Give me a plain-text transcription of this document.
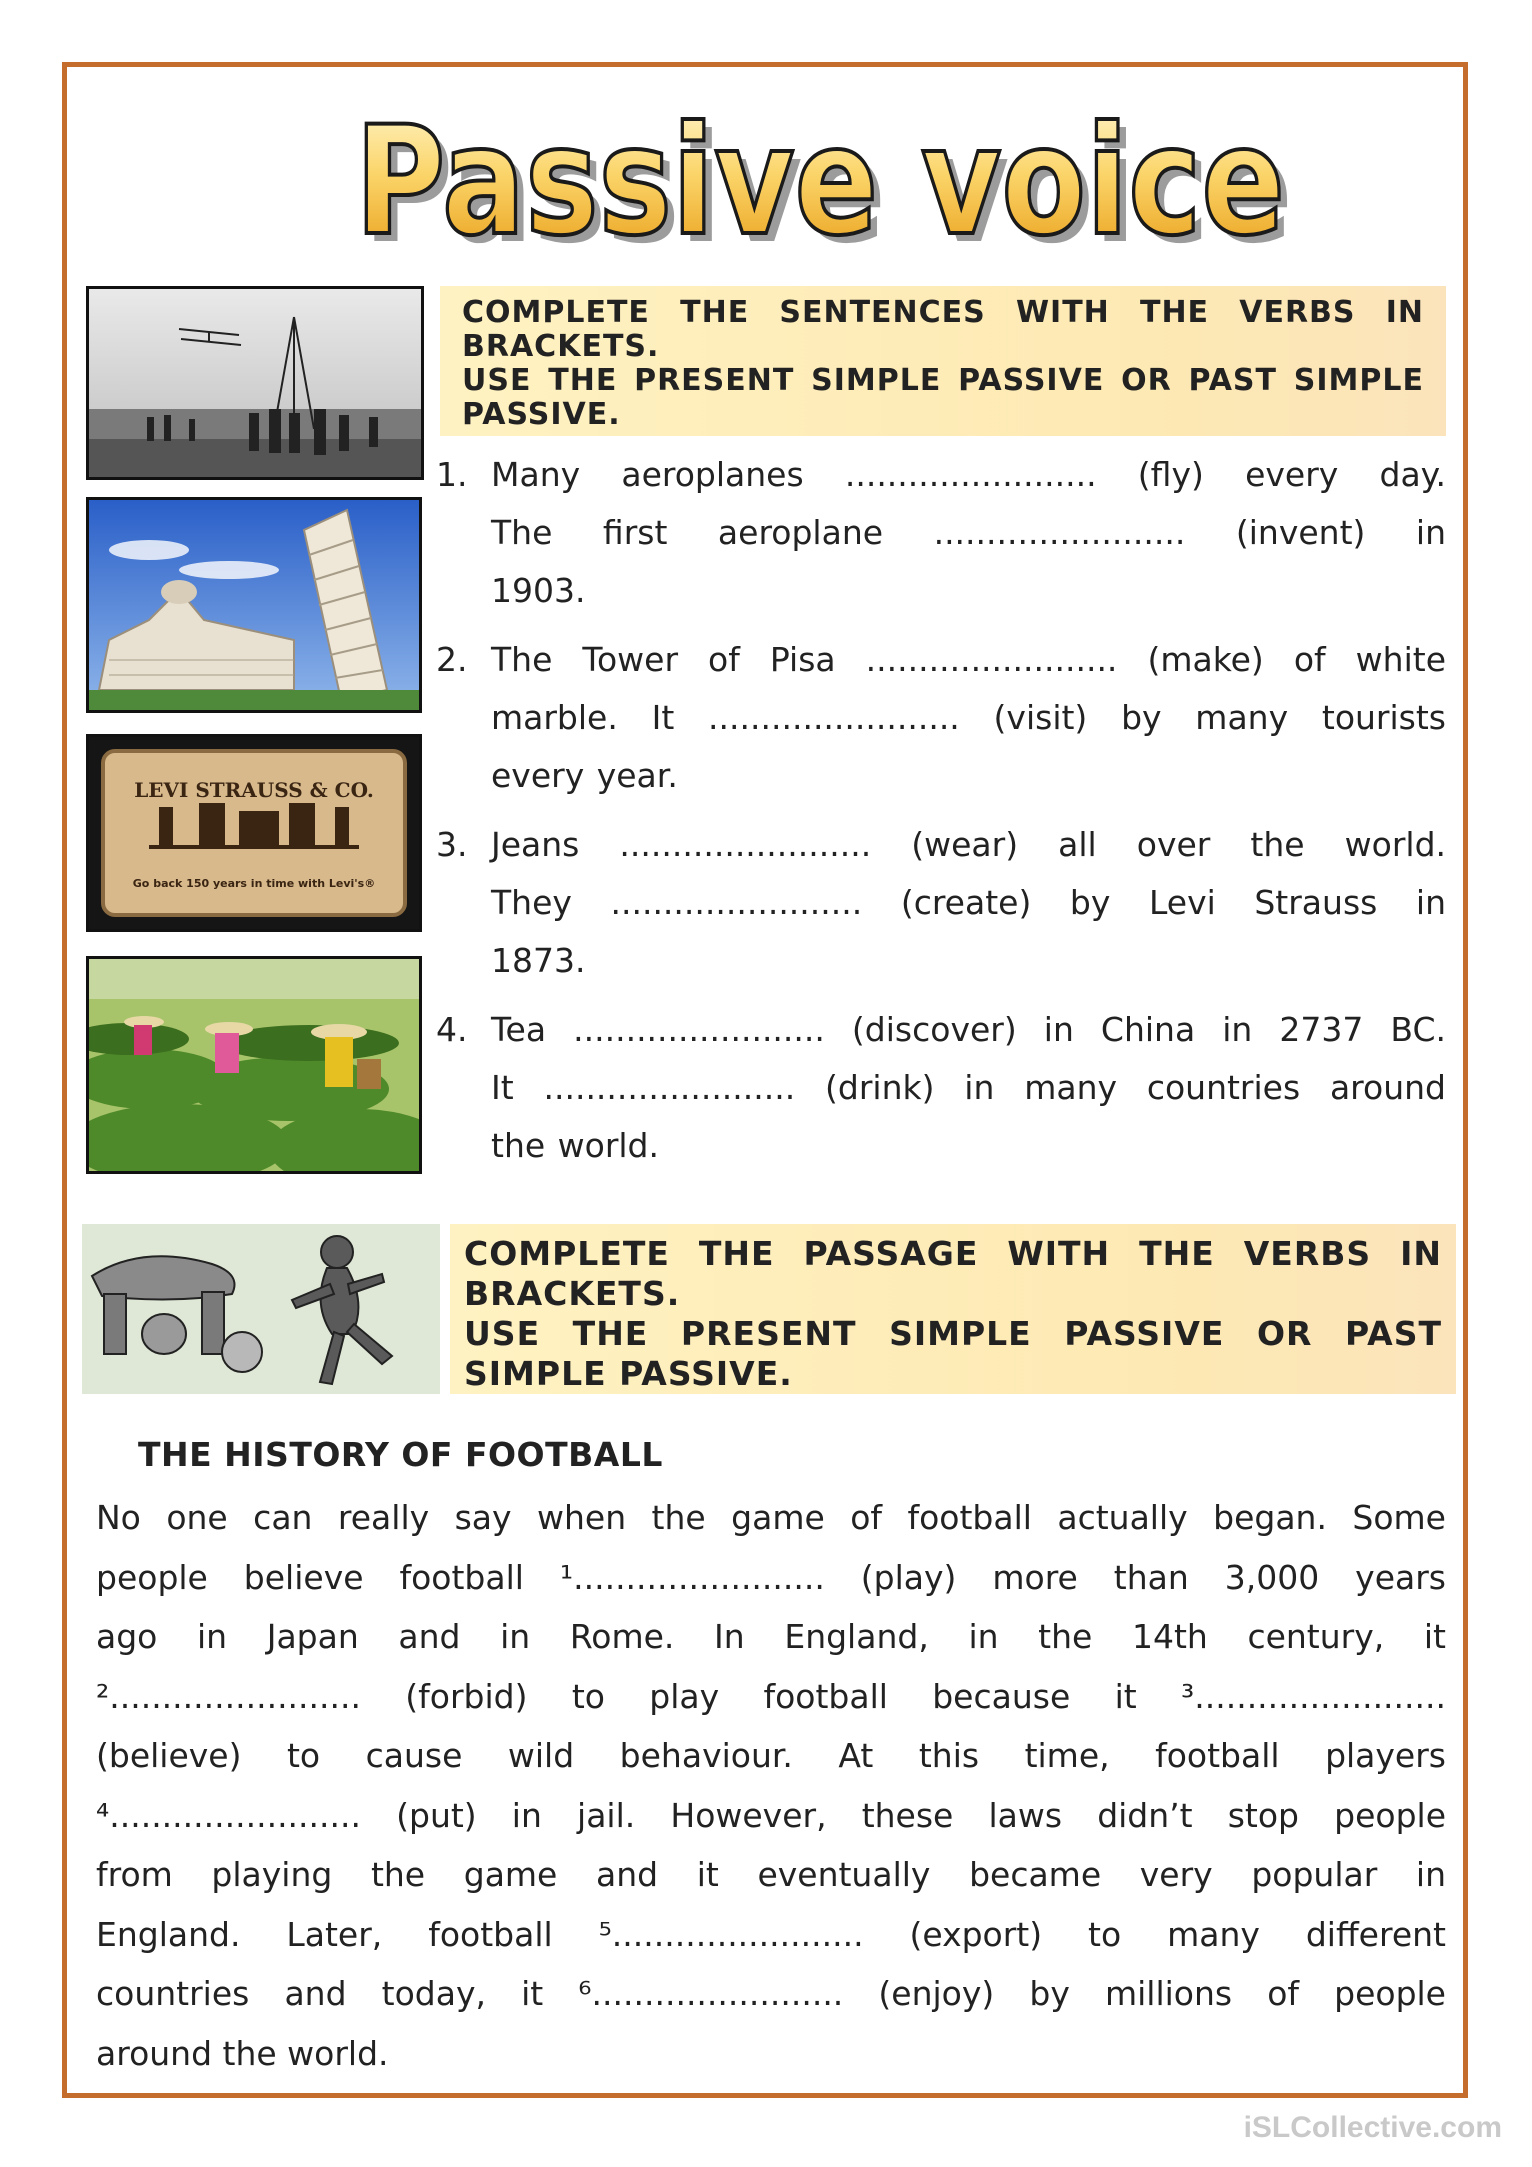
Passive voice
Passive voice
LEVI STRAUSS & CO.
Go back 150 years in time with Levi's®

COMPLETE THE SENTENCES WITH THE VERBS IN BRACKETS.

USE THE PRESENT SIMPLE PASSIVE OR PAST SIMPLE PASSIVE.

1. Many aeroplanes ........................ (fly) every day.
The first aeroplane ........................ (invent) in
1903.
2. The Tower of Pisa ........................ (make) of white
marble. It ........................ (visit) by many tourists
every year.
3. Jeans ........................ (wear) all over the world.
They ........................ (create) by Levi Strauss in
1873.
4. Tea ........................ (discover) in China in 2737 BC.
It ........................ (drink) in many countries around
the world.

COMPLETE THE PASSAGE WITH THE VERBS IN BRACKETS.

USE THE PRESENT SIMPLE PASSIVE OR PAST SIMPLE PASSIVE.

THE HISTORY OF FOOTBALL
No one can really say when the game of football actually began. Some
people believe football ¹........................ (play) more than 3,000 years
ago in Japan and in Rome. In England, in the 14th century, it
²........................ (forbid) to play football because it ³........................
(believe) to cause wild behaviour. At this time, football players
⁴........................ (put) in jail. However, these laws didn’t stop people
from playing the game and it eventually became very popular in
England. Later, football ⁵........................ (export) to many different
countries and today, it ⁶........................ (enjoy) by millions of people
around the world.
iSLCollective.com
